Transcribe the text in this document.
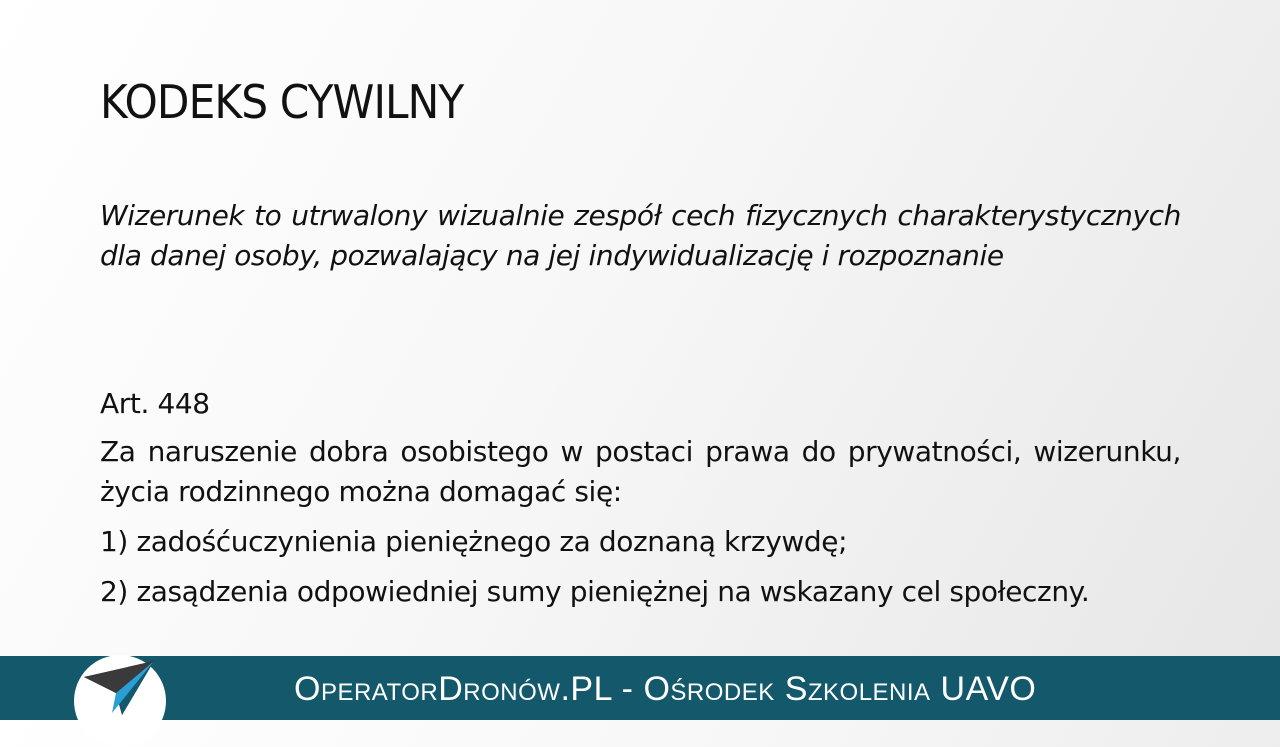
KODEKS CYWILNY
Wizerunek to utrwalony wizualnie zespół cech fizycznych charakterystycznych dla danej osoby, pozwalający na jej indywidualizację i rozpoznanie

Art. 448

Za naruszenie dobra osobistego w postaci prawa do prywatności, wizerunku, życia rodzinnego można domagać się:

1) zadośćuczynienia pieniężnego za doznaną krzywdę;

2) zasądzenia odpowiedniej sumy pieniężnej na wskazany cel społeczny.

OperatorDronów.PL - Ośrodek Szkolenia UAVO
